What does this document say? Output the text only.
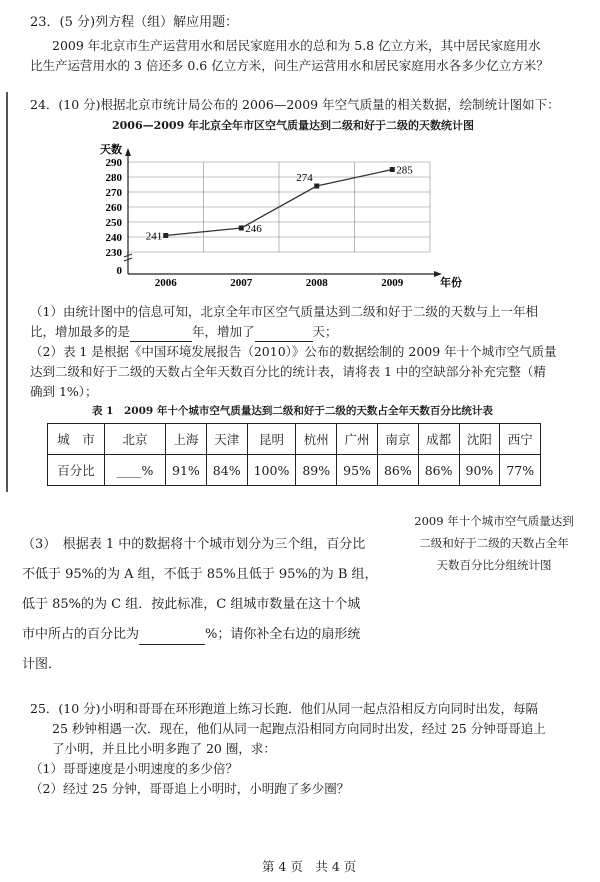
23．(5 分)列方程（组）解应用题：
2009 年北京市生产运营用水和居民家庭用水的总和为 5.8 亿立方米，其中居民家庭用水
比生产运营用水的 3 倍还多 0.6 亿立方米，问生产运营用水和居民家庭用水各多少亿立方米？
24．(10 分)根据北京市统计局公布的 2006—2009 年空气质量的相关数据，绘制统计图如下：
2006—2009 年北京全年市区空气质量达到二级和好于二级的天数统计图
天数
年份
0
230
240
250
260
270
280
290
2006	2007	2008	2009
241
246
274
285
（1）由统计图中的信息可知，北京全年市区空气质量达到二级和好于二级的天数与上一年相
比，增加最多的是	年，增加了	天；
（2）表 1 是根据《中国环境发展报告（2010）》公布的数据绘制的 2009 年十个城市空气质量
达到二级和好于二级的天数占全年天数百分比的统计表，请将表 1 中的空缺部分补充完整（精
确到 1%）；
表 1　2009 年十个城市空气质量达到二级和好于二级的天数占全年天数百分比统计表
城　市	北京	上海	天津	昆明	杭州	广州	南京	成都	沈阳	西宁
百分比	____%	91%	84%	100%	89%	95%	86%	86%	90%	77%
（3）　根据表 1 中的数据将十个城市划分为三个组，百分比
不低于 95%的为 A 组，不低于 85%且低于 95%的为 B 组，
低于 85%的为 C 组．按此标准，C 组城市数量在这十个城
市中所占的百分比为	%；请你补全右边的扇形统
计图．
2009 年十个城市空气质量达到
二级和好于二级的天数占全年
天数百分比分组统计图
25．(10 分)小明和哥哥在环形跑道上练习长跑．他们从同一起点沿相反方向同时出发，每隔
25 秒钟相遇一次．现在，他们从同一起跑点沿相同方向同时出发，经过 25 分钟哥哥追上
了小明，并且比小明多跑了 20 圈，求：
（1）哥哥速度是小明速度的多少倍？
（2）经过 25 分钟，哥哥追上小明时，小明跑了多少圈？
第 4 页　共 4 页
